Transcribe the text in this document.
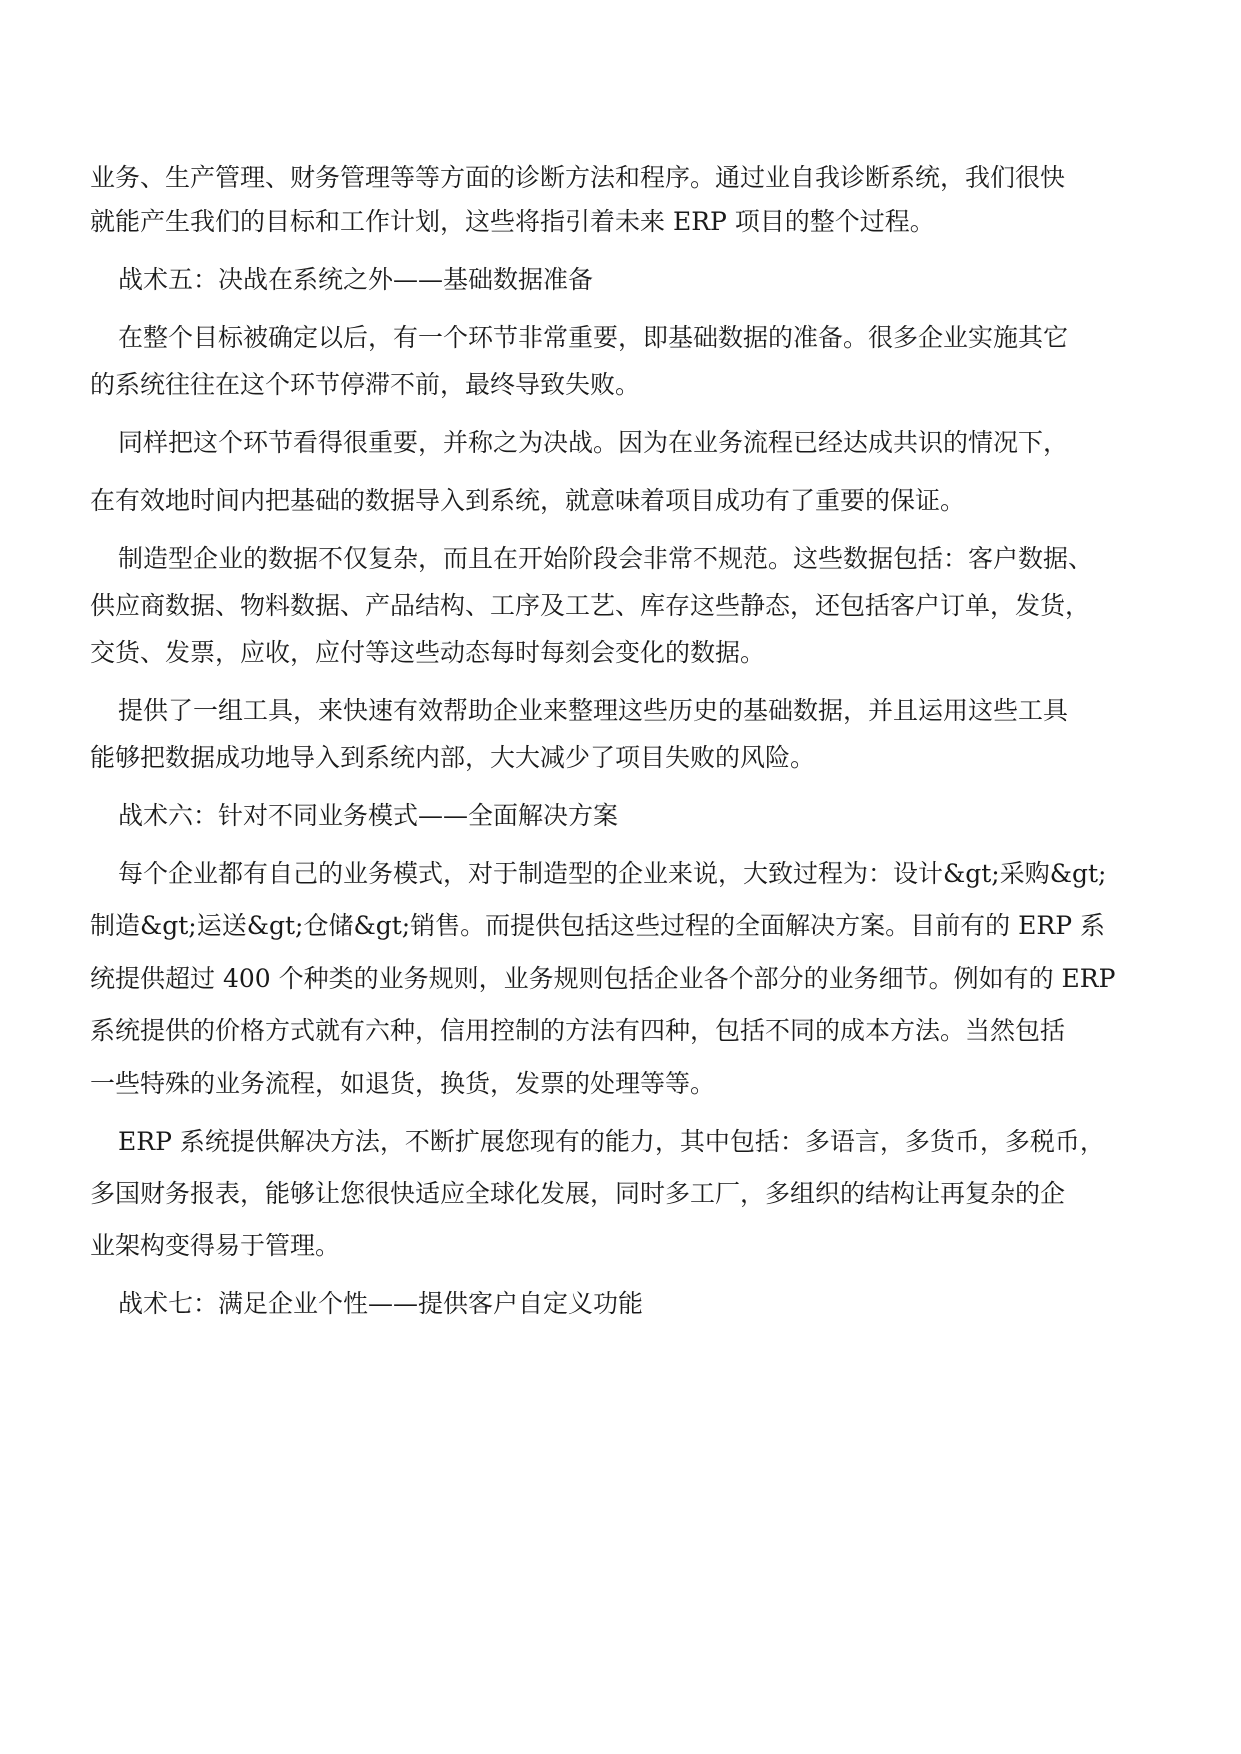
业务、生产管理、财务管理等等方面的诊断方法和程序。通过业自我诊断系统，我们很快
就能产生我们的目标和工作计划，这些将指引着未来 ERP 项目的整个过程。
战术五：决战在系统之外——基础数据准备
在整个目标被确定以后，有一个环节非常重要，即基础数据的准备。很多企业实施其它
的系统往往在这个环节停滞不前，最终导致失败。
同样把这个环节看得很重要，并称之为决战。因为在业务流程已经达成共识的情况下，
在有效地时间内把基础的数据导入到系统，就意味着项目成功有了重要的保证。
制造型企业的数据不仅复杂，而且在开始阶段会非常不规范。这些数据包括：客户数据、
供应商数据、物料数据、产品结构、工序及工艺、库存这些静态，还包括客户订单，发货，
交货、发票，应收，应付等这些动态每时每刻会变化的数据。
提供了一组工具，来快速有效帮助企业来整理这些历史的基础数据，并且运用这些工具
能够把数据成功地导入到系统内部，大大减少了项目失败的风险。
战术六：针对不同业务模式——全面解决方案
每个企业都有自己的业务模式，对于制造型的企业来说，大致过程为：设计&gt;采购&gt;
制造&gt;运送&gt;仓储&gt;销售。而提供包括这些过程的全面解决方案。目前有的 ERP 系
统提供超过 400 个种类的业务规则，业务规则包括企业各个部分的业务细节。例如有的 ERP
系统提供的价格方式就有六种，信用控制的方法有四种，包括不同的成本方法。当然包括
一些特殊的业务流程，如退货，换货，发票的处理等等。
ERP 系统提供解决方法，不断扩展您现有的能力，其中包括：多语言，多货币，多税币，
多国财务报表，能够让您很快适应全球化发展，同时多工厂，多组织的结构让再复杂的企
业架构变得易于管理。
战术七：满足企业个性——提供客户自定义功能
